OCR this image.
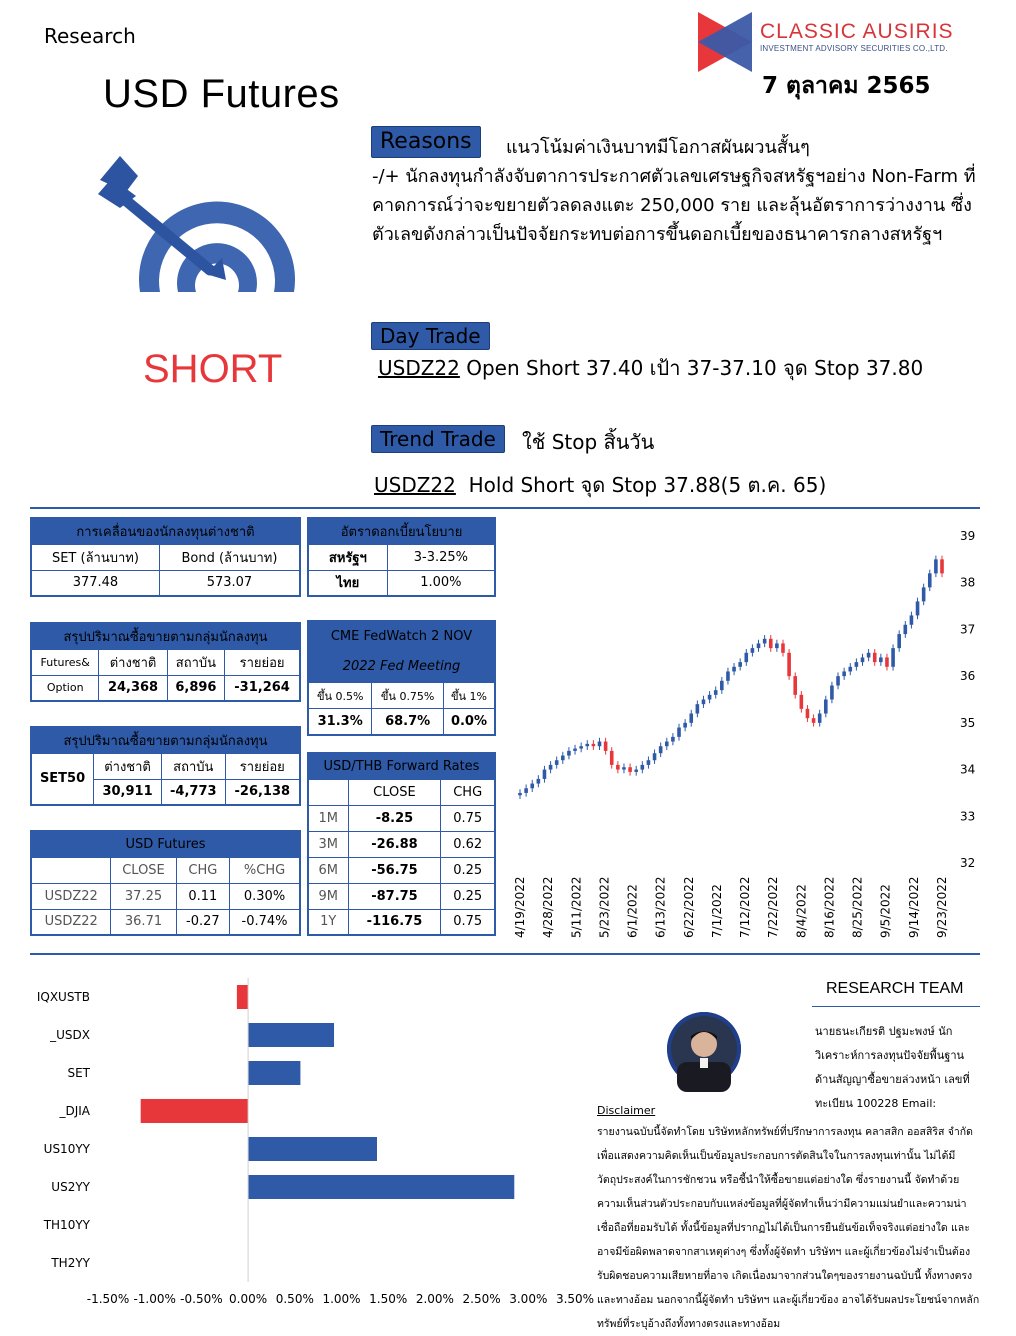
Research
USD Futures
CLASSIC AUSIRIS
INVESTMENT ADVISORY SECURITIES CO.,LTD.
7 ตุลาคม 2565
SHORT
Reasons	แนวโน้มค่าเงินบาทมีโอกาสผันผวนสั้นๆ
-/+ นักลงทุนกำลังจับตาการประกาศตัวเลขเศรษฐกิจสหรัฐฯอย่าง Non-Farm ที่คาดการณ์ว่าจะขยายตัวลดลงแตะ 250,000 ราย และลุ้นอัตราการว่างงาน ซึ่งตัวเลขดังกล่าวเป็นปัจจัยกระทบต่อการขึ้นดอกเบี้ยของธนาคารกลางสหรัฐฯ
Day Trade
USDZ22 Open Short 37.40 เป้า 37-37.10 จุด Stop 37.80
Trend Trade	ใช้ Stop สิ้นวัน
USDZ22  Hold Short จุด Stop 37.88(5 ต.ค. 65)
การเคลื่อนของนักลงทุนต่างชาติ	
SET (ล้านบาท)	Bond (ล้านบาท)
377.48	573.07
อัตราดอกเบี้ยนโยบาย	
สหรัฐฯ	3-3.25%
ไทย	1.00%
สรุปปริมาณซื้อขายตามกลุ่มนักลงทุน			
Futures&	ต่างชาติ	สถาบัน	รายย่อย
Option	24,368	6,896	-31,264
CME FedWatch 2 NOV
2022 Fed Meeting		

ขึ้น 0.5%	ขึ้น 0.75%	ขึ้น 1%
31.3%	68.7%	0.0%
สรุปปริมาณซื้อขายตามกลุ่มนักลงทุน			
SET50	ต่างชาติ	สถาบัน	รายย่อย
	30,911	-4,773	-26,138
USD Futures			
	CLOSE	CHG	%CHG
USDZ22	37.25	0.11	0.30%
USDZ22	36.71	-0.27	-0.74%
USD/THB Forward Rates		
	CLOSE	CHG
1M	-8.25	0.75
3M	-26.88	0.62
6M	-56.75	0.25
9M	-87.75	0.25
1Y	-116.75	0.75
32
33
34
35
36
37
38
39
4/19/2022 4/28/2022 5/11/2022 5/23/2022 6/1/2022 6/13/2022 6/22/2022 7/1/2022 7/12/2022 7/22/2022 8/4/2022 8/16/2022 8/25/2022 9/5/2022 9/14/2022 9/23/2022
IQXUSTB
_USDX
SET
_DJIA
US10YY
US2YY
TH10YY
TH2YY
-1.50% -1.00% -0.50% 0.00% 0.50% 1.00% 1.50% 2.00% 2.50% 3.00% 3.50%
RESEARCH TEAM
นายธนะเกียรติ ปฐมะพงษ์ นักวิเคราะห์การลงทุนปัจจัยพื้นฐาน ด้านสัญญาซื้อขายล่วงหน้า เลขที่ทะเบียน 100228 Email:
Disclaimer
รายงานฉบับนี้จัดทำโดย บริษัทหลักทรัพย์ที่ปรึกษาการลงทุน คลาสสิก ออสสิริส จำกัด เพื่อแสดงความคิดเห็นเป็นข้อมูลประกอบการตัดสินใจในการลงทุนเท่านั้น ไม่ได้มีวัตถุประสงค์ในการชักชวน หรือชี้นำให้ซื้อขายแต่อย่างใด ซึ่งรายงานนี้ จัดทำด้วยความเห็นส่วนตัวประกอบกับแหล่งข้อมูลที่ผู้จัดทำเห็นว่ามีความแม่นยำและความน่าเชื่อถือที่ยอมรับได้ ทั้งนี้ข้อมูลที่ปรากฏไม่ได้เป็นการยืนยันข้อเท็จจริงแต่อย่างใด และอาจมีข้อผิดพลาดจากสาเหตุต่างๆ ซึ่งทั้งผู้จัดทำ บริษัทฯ และผู้เกี่ยวข้องไม่จำเป็นต้องรับผิดชอบความเสียหายที่อาจ เกิดเนื่องมาจากส่วนใดๆของรายงานฉบับนี้ ทั้งทางตรงและทางอ้อม นอกจากนี้ผู้จัดทำ บริษัทฯ และผู้เกี่ยวข้อง อาจได้รับผลประโยชน์จากหลักทรัพย์ที่ระบุอ้างถึงทั้งทางตรงและทางอ้อม
